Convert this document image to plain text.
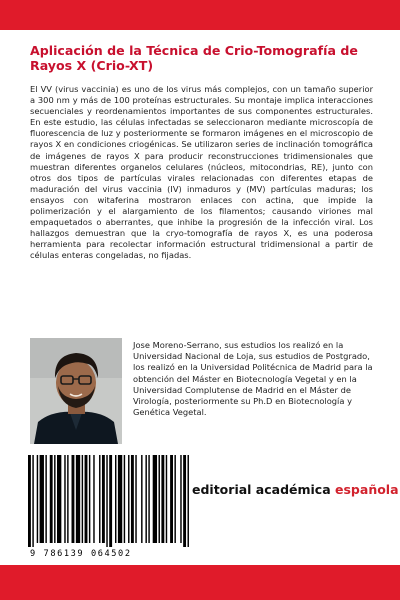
Aplicación de la Técnica de Crio-Tomografía de Rayos X (Crio-XT)

El VV (virus vaccinia) es uno de los virus más complejos, con un tamaño superior a 300 nm y más de 100 proteínas estructurales. Su montaje implica interacciones secuenciales y reordenamientos importantes de sus componentes estructurales. En este estudio, las células infectadas se seleccionaron mediante microscopía de fluorescencia de luz y posteriormente se formaron imágenes en el microscopio de rayos X en condiciones criogénicas. Se utilizaron series de inclinación tomográfica de imágenes de rayos X para producir reconstrucciones tridimensionales que muestran diferentes organelos celulares (núcleos, mitocondrias, RE), junto con otros dos tipos de partículas virales relacionadas con diferentes etapas de maduración del virus vaccinia (IV) inmaduros y (MV) partículas maduras; los ensayos con witaferina mostraron enlaces con actina, que impide la polimerización y el alargamiento de los filamentos; causando viriones mal empaquetados o aberrantes, que inhibe la progresión de la infección viral. Los hallazgos demuestran que la cryo-tomografía de rayos X, es una poderosa herramienta para recolectar información estructural tridimensional a partir de células enteras congeladas, no fijadas.

Jose Moreno-Serrano, sus estudios los realizó en la Universidad Nacional de Loja, sus estudios de Postgrado, los realizó en la Universidad Politécnica de Madrid para la obtención del Máster en Biotecnología Vegetal y en la Universidad Complutense de Madrid en el Máster de Virología, posteriormente su Ph.D en Biotecnología y Genética Vegetal.

9 786139 064502
editorial académica española
